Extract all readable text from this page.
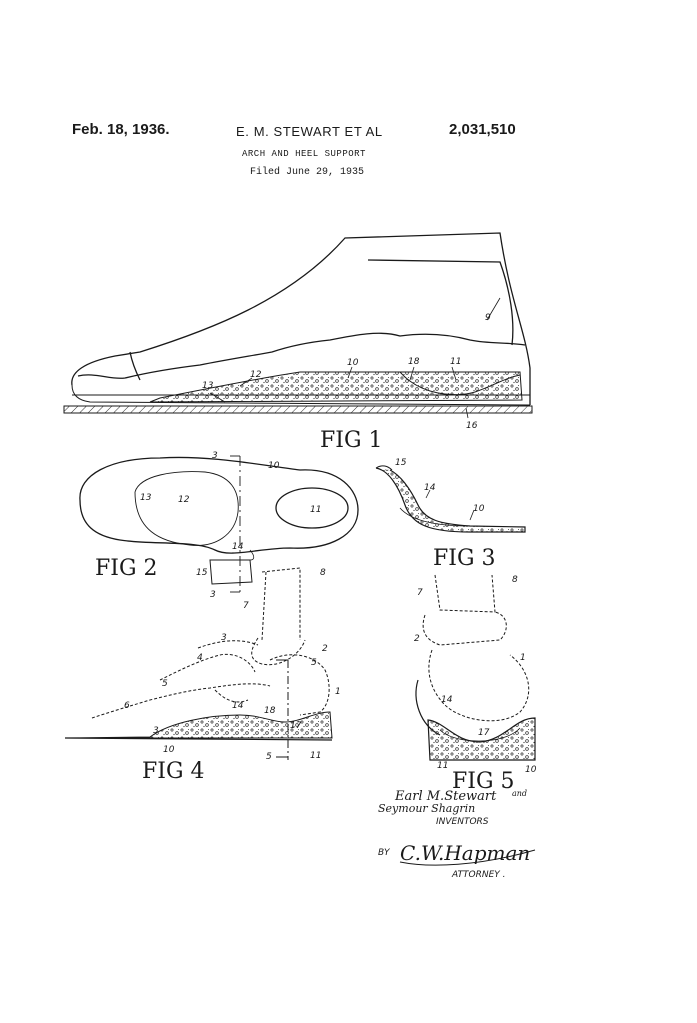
Feb. 18, 1936.	E. M. STEWART ET AL	2,031,510
ARCH AND HEEL SUPPORT
Filed June 29, 1935
9
10	18	11
13
12
16
FIG 1
3
10
13	12
11
14
15
3
FIG 2
15
14
10
FIG 3
8
7
3
2
4	5
1
5
6	14 18
3	17
10
5	11
FIG 4
7
8
2
1
14
17
11	10
FIG 5
Earl M.Stewart and
Seymour Shagrin
INVENTORS
BY C.W.Hapman
ATTORNEY .
